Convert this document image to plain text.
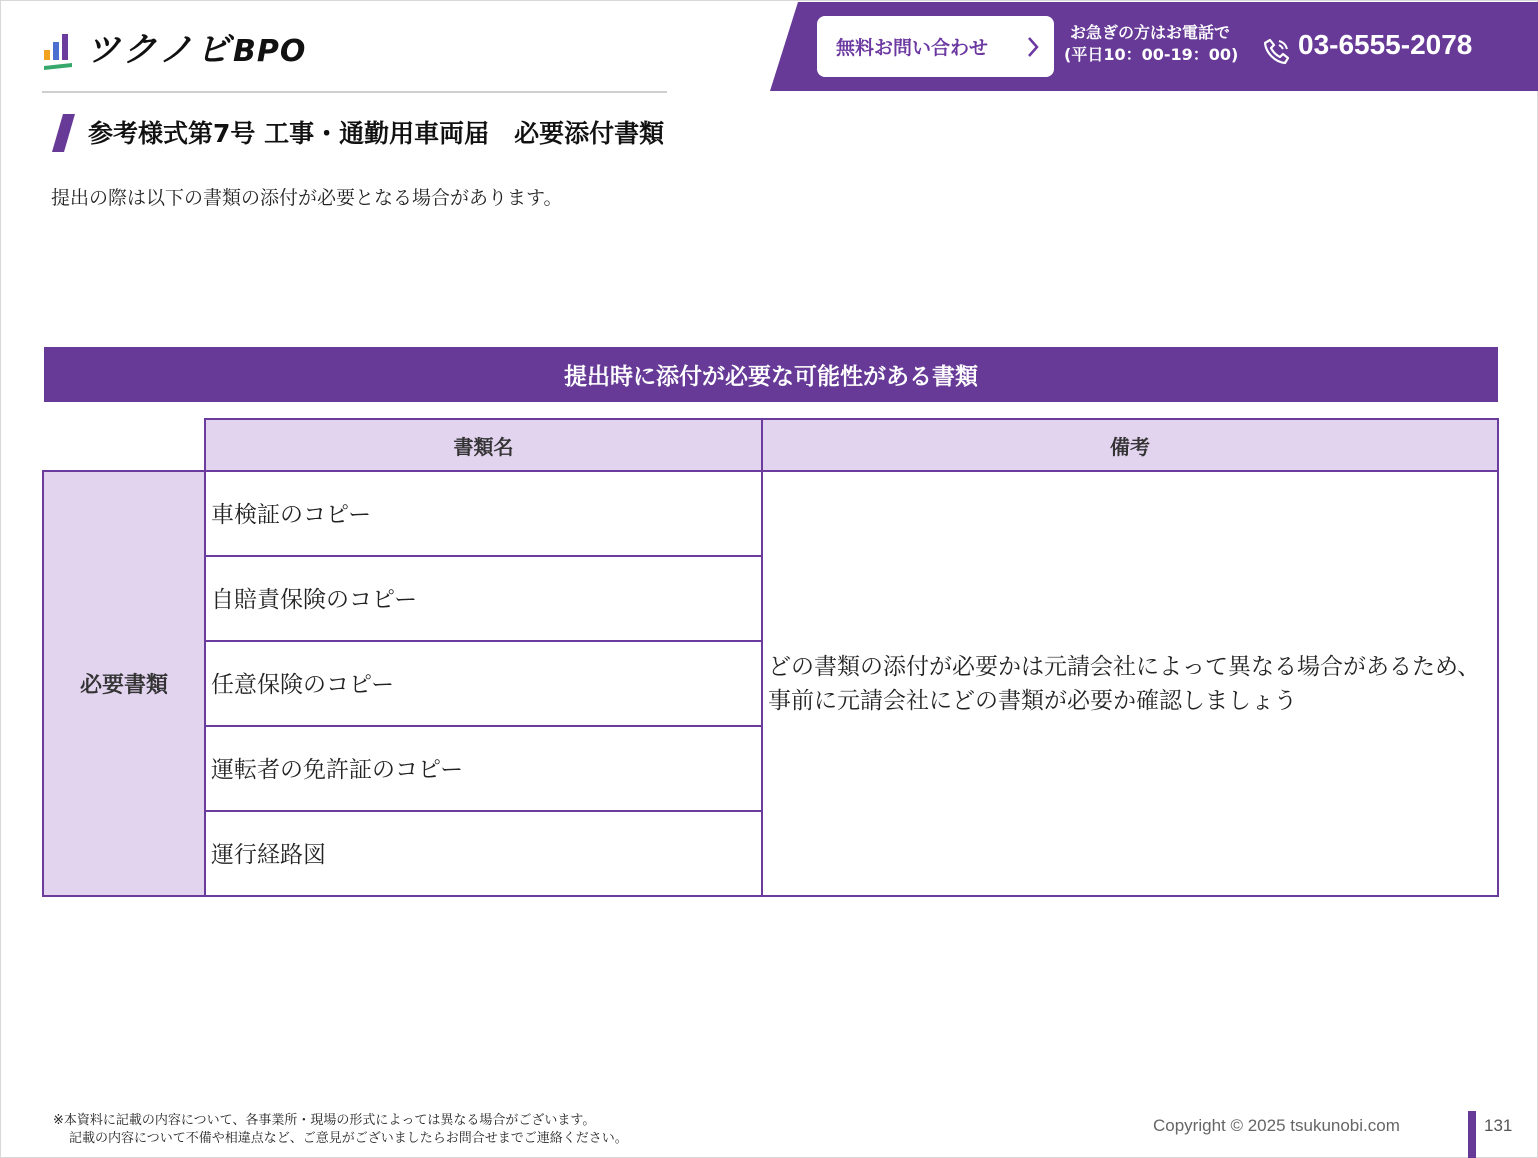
ツクノビBPO	無料お問い合わせ
お急ぎの方はお電話で
(平日10：00-19：00)	03-6555-2078
参考様式第7号 工事・通勤用車両届　必要添付書類
提出の際は以下の書類の添付が必要となる場合があります。
提出時に添付が必要な可能性がある書類
	書類名	備考
必要書類	車検証のコピー	どの書類の添付が必要かは元請会社によって異なる場合があるため、事前に元請会社にどの書類が必要か確認しましょう
	自賠責保険のコピー	
	任意保険のコピー	
	運転者の免許証のコピー	
	運行経路図	
※本資料に記載の内容について、各事業所・現場の形式によっては異なる場合がございます。
記載の内容について不備や相違点など、ご意見がございましたらお問合せまでご連絡ください。
Copyright © 2025 tsukunobi.com	131
